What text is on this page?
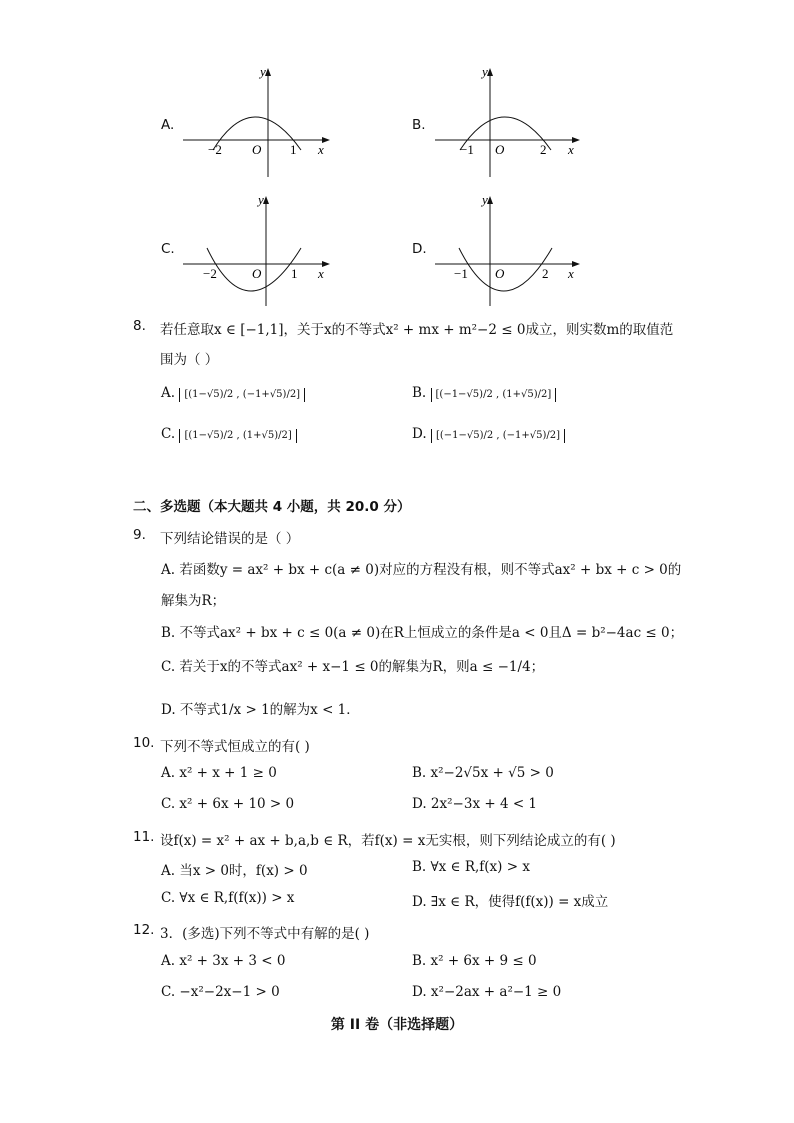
A.
y
x
−2 O 1
B.
y
x
−1 O	2
C.
y
x
−2	O 1
D.
y
x
−1 O	2
8. 若任意取x ∈ [−1,1]，关于x的不等式x² + mx + m²−2 ≤ 0成立，则实数m的取值范
围为（ ）
A. [(1−√5)/2 , (−1+√5)/2]	B. [(−1−√5)/2 , (1+√5)/2]
C. [(1−√5)/2 , (1+√5)/2]	D. [(−1−√5)/2 , (−1+√5)/2]
二、多选题（本大题共 4 小题，共 20.0 分）
9. 下列结论错误的是（ ）
A. 若函数y = ax² + bx + c(a ≠ 0)对应的方程没有根，则不等式ax² + bx + c > 0的
解集为R；
B. 不等式ax² + bx + c ≤ 0(a ≠ 0)在R上恒成立的条件是a < 0且Δ = b²−4ac ≤ 0；
C. 若关于x的不等式ax² + x−1 ≤ 0的解集为R，则a ≤ −1/4；
D. 不等式1/x > 1的解为x < 1．
10. 下列不等式恒成立的有( )
A. x² + x + 1 ≥ 0	B. x²−2√5x + √5 > 0
C. x² + 6x + 10 > 0	D. 2x²−3x + 4 < 1
11. 设f(x) = x² + ax + b,a,b ∈ R，若f(x) = x无实根，则下列结论成立的有( )
A. 当x > 0时，f(x) > 0	B. ∀x ∈ R,f(x) > x
C. ∀x ∈ R,f(f(x)) > x	D. ∃x ∈ R，使得f(f(x)) = x成立
12. 3．(多选)下列不等式中有解的是( )
A. x² + 3x + 3 < 0	B. x² + 6x + 9 ≤ 0
C. −x²−2x−1 > 0	D. x²−2ax + a²−1 ≥ 0
第 II 卷（非选择题）
